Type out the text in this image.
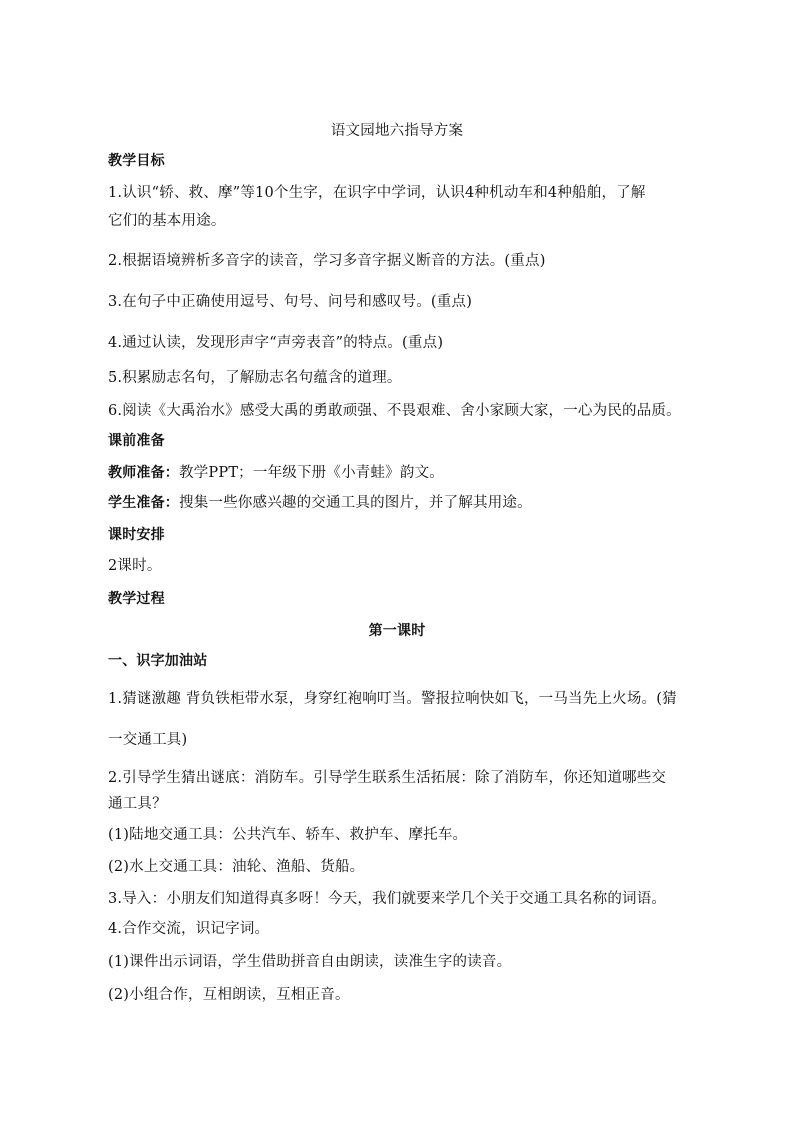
语文园地六指导方案
教学目标
1.认识“轿、救、摩”等10个生字，在识字中学词，认识4种机动车和4种船舶，了解
它们的基本用途。
2.根据语境辨析多音字的读音，学习多音字据义断音的方法。(重点)
3.在句子中正确使用逗号、句号、问号和感叹号。(重点)
4.通过认读，发现形声字“声旁表音”的特点。(重点)
5.积累励志名句，了解励志名句蕴含的道理。
6.阅读《大禹治水》感受大禹的勇敢顽强、不畏艰难、舍小家顾大家，一心为民的品质。
课前准备
教师准备：教学PPT；一年级下册《小青蛙》韵文。
学生准备：搜集一些你感兴趣的交通工具的图片，并了解其用途。
课时安排
2课时。
教学过程
第一课时
一、识字加油站
1.猜谜激趣 背负铁柜带水泵，身穿红袍响叮当。警报拉响快如飞，一马当先上火场。(猜
一交通工具)
2.引导学生猜出谜底：消防车。引导学生联系生活拓展：除了消防车，你还知道哪些交
通工具？
(1)陆地交通工具：公共汽车、轿车、救护车、摩托车。
(2)水上交通工具：油轮、渔船、货船。
3.导入：小朋友们知道得真多呀！今天，我们就要来学几个关于交通工具名称的词语。
4.合作交流，识记字词。
(1)课件出示词语，学生借助拼音自由朗读，读准生字的读音。
(2)小组合作，互相朗读，互相正音。
